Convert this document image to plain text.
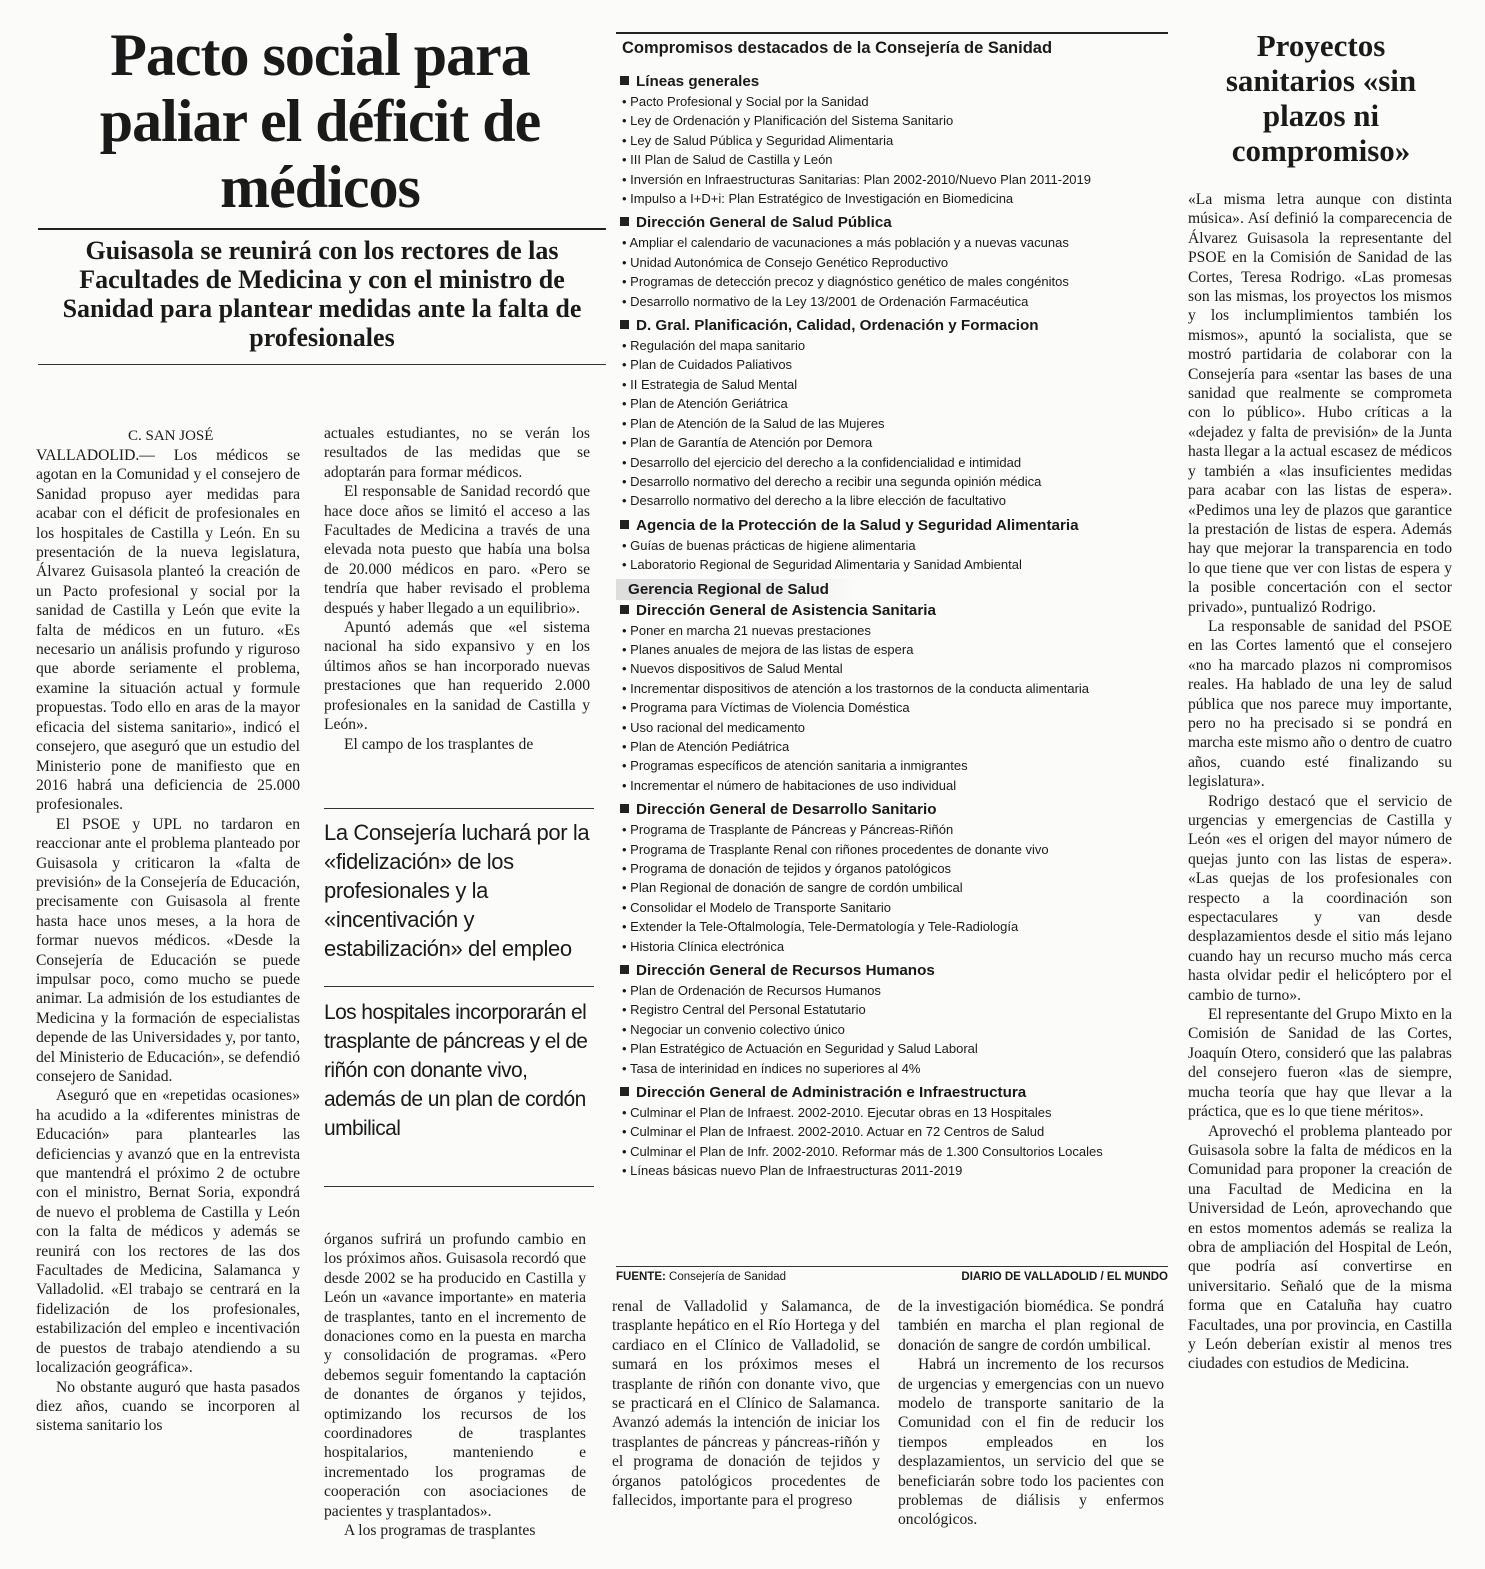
Pacto social para paliar el déficit de médicos
Guisasola se reunirá con los rectores de las Facultades de Medicina y con el ministro de Sanidad para plantear medidas ante la falta de profesionales
C. SAN JOSÉ

VALLADOLID.— Los médicos se agotan en la Comunidad y el consejero de Sanidad propuso ayer medidas para acabar con el déficit de profesionales en los hospitales de Castilla y León. En su presentación de la nueva legislatura, Álvarez Guisasola planteó la creación de un Pacto profesional y social por la sanidad de Castilla y León que evite la falta de médicos en un futuro. «Es necesario un análisis profundo y riguroso que aborde seriamente el problema, examine la situación actual y formule propuestas. Todo ello en aras de la mayor eficacia del sistema sanitario», indicó el consejero, que aseguró que un estudio del Ministerio pone de manifiesto que en 2016 habrá una deficiencia de 25.000 profesionales.

El PSOE y UPL no tardaron en reaccionar ante el problema planteado por Guisasola y criticaron la «falta de previsión» de la Consejería de Educación, precisamente con Guisasola al frente hasta hace unos meses, a la hora de formar nuevos médicos. «Desde la Consejería de Educación se puede impulsar poco, como mucho se puede animar. La admisión de los estudiantes de Medicina y la formación de especialistas depende de las Universidades y, por tanto, del Ministerio de Educación», se defendió consejero de Sanidad.

Aseguró que en «repetidas ocasiones» ha acudido a la «diferentes ministras de Educación» para plantearles las deficiencias y avanzó que en la entrevista que mantendrá el próximo 2 de octubre con el ministro, Bernat Soria, expondrá de nuevo el problema de Castilla y León con la falta de médicos y además se reunirá con los rectores de las dos Facultades de Medicina, Salamanca y Valladolid. «El trabajo se centrará en la fidelización de los profesionales, estabilización del empleo e incentivación de puestos de trabajo atendiendo a su localización geográfica».

No obstante auguró que hasta pasados diez años, cuando se incorporen al sistema sanitario los

actuales estudiantes, no se verán los resultados de las medidas que se adoptarán para formar médicos.

El responsable de Sanidad recordó que hace doce años se limitó el acceso a las Facultades de Medicina a través de una elevada nota puesto que había una bolsa de 20.000 médicos en paro. «Pero se tendría que haber revisado el problema después y haber llegado a un equilibrio».

Apuntó además que «el sistema nacional ha sido expansivo y en los últimos años se han incorporado nuevas prestaciones que han requerido 2.000 profesionales en la sanidad de Castilla y León».

El campo de los trasplantes de

La Consejería luchará por la «fidelización» de los profesionales y la «incentivación y estabilización» del empleo

Los hospitales incorporarán el trasplante de páncreas y el de riñón con donante vivo, además de un plan de cordón umbilical

órganos sufrirá un profundo cambio en los próximos años. Guisasola recordó que desde 2002 se ha producido en Castilla y León un «avance importante» en materia de trasplantes, tanto en el incremento de donaciones como en la puesta en marcha y consolidación de programas. «Pero debemos seguir fomentando la captación de donantes de órganos y tejidos, optimizando los recursos de los coordinadores de trasplantes hospitalarios, manteniendo e incrementado los programas de cooperación con asociaciones de pacientes y trasplantados».

A los programas de trasplantes

renal de Valladolid y Salamanca, de trasplante hepático en el Río Hortega y del cardiaco en el Clínico de Valladolid, se sumará en los próximos meses el trasplante de riñón con donante vivo, que se practicará en el Clínico de Salamanca. Avanzó además la intención de iniciar los trasplantes de páncreas y páncreas-riñón y el programa de donación de tejidos y órganos patológicos procedentes de fallecidos, importante para el progreso

de la investigación biomédica. Se pondrá también en marcha el plan regional de donación de sangre de cordón umbilical.

Habrá un incremento de los recursos de urgencias y emergencias con un nuevo modelo de transporte sanitario de la Comunidad con el fin de reducir los tiempos empleados en los desplazamientos, un servicio del que se beneficiarán sobre todo los pacientes con problemas de diálisis y enfermos oncológicos.

Compromisos destacados de la Consejería de Sanidad
Líneas generales
• Pacto Profesional y Social por la Sanidad
• Ley de Ordenación y Planificación del Sistema Sanitario
• Ley de Salud Pública y Seguridad Alimentaria
• III Plan de Salud de Castilla y León
• Inversión en Infraestructuras Sanitarias: Plan 2002-2010/Nuevo Plan 2011-2019
• Impulso a I+D+i: Plan Estratégico de Investigación en Biomedicina
Dirección General de Salud Pública
• Ampliar el calendario de vacunaciones a más población y a nuevas vacunas
• Unidad Autonómica de Consejo Genético Reproductivo
• Programas de detección precoz y diagnóstico genético de males congénitos
• Desarrollo normativo de la Ley 13/2001 de Ordenación Farmacéutica
D. Gral. Planificación, Calidad, Ordenación y Formacion
• Regulación del mapa sanitario
• Plan de Cuidados Paliativos
• II Estrategia de Salud Mental
• Plan de Atención Geriátrica
• Plan de Atención de la Salud de las Mujeres
• Plan de Garantía de Atención por Demora
• Desarrollo del ejercicio del derecho a la confidencialidad e intimidad
• Desarrollo normativo del derecho a recibir una segunda opinión médica
• Desarrollo normativo del derecho a la libre elección de facultativo
Agencia de la Protección de la Salud y Seguridad Alimentaria
• Guías de buenas prácticas de higiene alimentaria
• Laboratorio Regional de Seguridad Alimentaria y Sanidad Ambiental
Gerencia Regional de Salud
Dirección General de Asistencia Sanitaria
• Poner en marcha 21 nuevas prestaciones
• Planes anuales de mejora de las listas de espera
• Nuevos dispositivos de Salud Mental
• Incrementar dispositivos de atención a los trastornos de la conducta alimentaria
• Programa para Víctimas de Violencia Doméstica
• Uso racional del medicamento
• Plan de Atención Pediátrica
• Programas específicos de atención sanitaria a inmigrantes
• Incrementar el número de habitaciones de uso individual
Dirección General de Desarrollo Sanitario
• Programa de Trasplante de Páncreas y Páncreas-Riñón
• Programa de Trasplante Renal con riñones procedentes de donante vivo
• Programa de donación de tejidos y órganos patológicos
• Plan Regional de donación de sangre de cordón umbilical
• Consolidar el Modelo de Transporte Sanitario
• Extender la Tele-Oftalmología, Tele-Dermatología y Tele-Radiología
• Historia Clínica electrónica
Dirección General de Recursos Humanos
• Plan de Ordenación de Recursos Humanos
• Registro Central del Personal Estatutario
• Negociar un convenio colectivo único
• Plan Estratégico de Actuación en Seguridad y Salud Laboral
• Tasa de interinidad en índices no superiores al 4%
Dirección General de Administración e Infraestructura
• Culminar el Plan de Infraest. 2002-2010. Ejecutar obras en 13 Hospitales
• Culminar el Plan de Infraest. 2002-2010. Actuar en 72 Centros de Salud
• Culminar el Plan de Infr. 2002-2010. Reformar más de 1.300 Consultorios Locales
• Líneas básicas nuevo Plan de Infraestructuras 2011-2019
FUENTE: Consejería de Sanidad	DIARIO DE VALLADOLID / EL MUNDO
Proyectos sanitarios «sin plazos ni compromiso»

«La misma letra aunque con distinta música». Así definió la comparecencia de Álvarez Guisasola la representante del PSOE en la Comisión de Sanidad de las Cortes, Teresa Rodrigo. «Las promesas son las mismas, los proyectos los mismos y los inclumplimientos también los mismos», apuntó la socialista, que se mostró partidaria de colaborar con la Consejería para «sentar las bases de una sanidad que realmente se comprometa con lo público». Hubo críticas a la «dejadez y falta de previsión» de la Junta hasta llegar a la actual escasez de médicos y también a «las insuficientes medidas para acabar con las listas de espera». «Pedimos una ley de plazos que garantice la prestación de listas de espera. Además hay que mejorar la transparencia en todo lo que tiene que ver con listas de espera y la posible concertación con el sector privado», puntualizó Rodrigo.

La responsable de sanidad del PSOE en las Cortes lamentó que el consejero «no ha marcado plazos ni compromisos reales. Ha hablado de una ley de salud pública que nos parece muy importante, pero no ha precisado si se pondrá en marcha este mismo año o dentro de cuatro años, cuando esté finalizando su legislatura».

Rodrigo destacó que el servicio de urgencias y emergencias de Castilla y León «es el origen del mayor número de quejas junto con las listas de espera». «Las quejas de los profesionales con respecto a la coordinación son espectaculares y van desde desplazamientos desde el sitio más lejano cuando hay un recurso mucho más cerca hasta olvidar pedir el helicóptero por el cambio de turno».

El representante del Grupo Mixto en la Comisión de Sanidad de las Cortes, Joaquín Otero, consideró que las palabras del consejero fueron «las de siempre, mucha teoría que hay que llevar a la práctica, que es lo que tiene méritos».

Aprovechó el problema planteado por Guisasola sobre la falta de médicos en la Comunidad para proponer la creación de una Facultad de Medicina en la Universidad de León, aprovechando que en estos momentos además se realiza la obra de ampliación del Hospital de León, que podría así convertirse en universitario. Señaló que de la misma forma que en Cataluña hay cuatro Facultades, una por provincia, en Castilla y León deberían existir al menos tres ciudades con estudios de Medicina.
